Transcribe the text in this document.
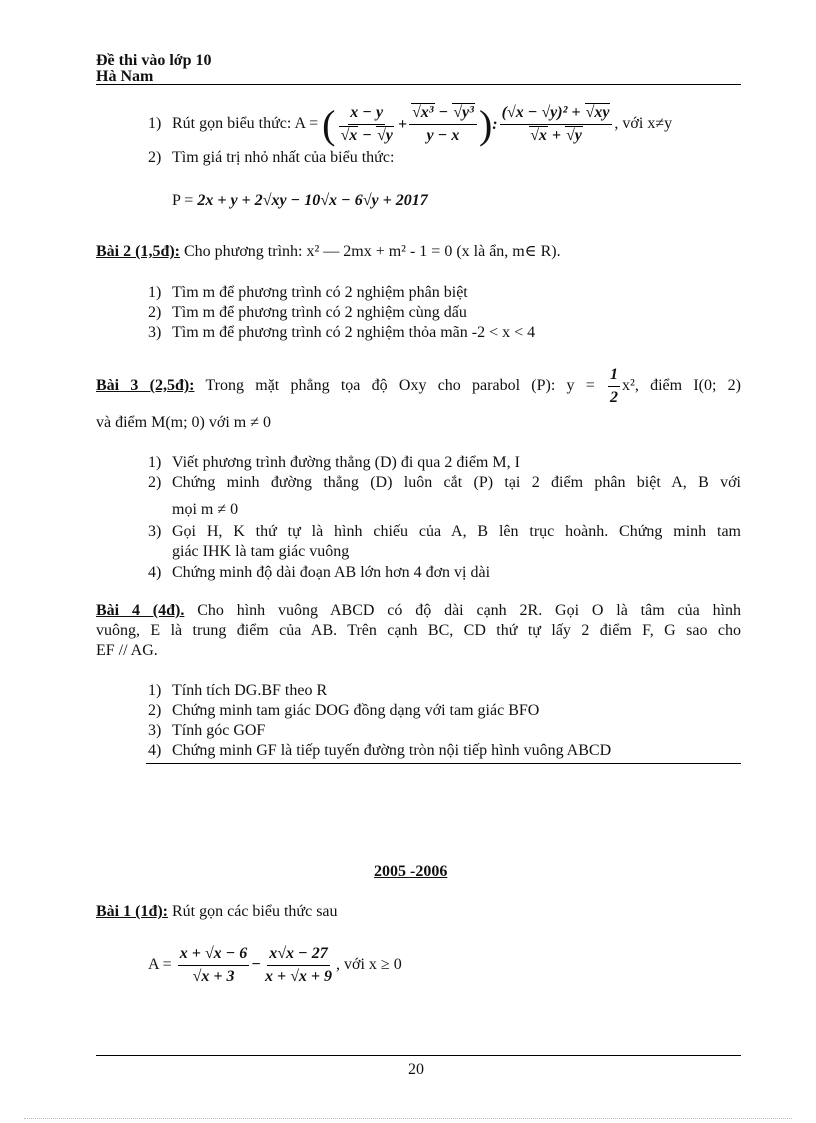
Đề thi vào lớp 10
Hà Nam
1) Rút gọn biểu thức: A = ( $\frac{x - y}{√x - √y} + \frac{\text{√x³ − √y³}}{y - x}$ ) : $\frac{\text{(√x − √y)² + √xy}}{√x + √y}$ , với x≠y
2) Tìm giá trị nhỏ nhất của biểu thức:
P = 2x + y + 2√xy − 10√x − 6√y + 2017
Bài 2 (1,5đ): Cho phương trình: x² — 2mx + m² - 1 = 0 (x là ẩn, m∈ R).
1) Tìm m để phương trình có 2 nghiệm phân biệt
2) Tìm m để phương trình có 2 nghiệm cùng dấu
3) Tìm m để phương trình có 2 nghiệm thỏa mãn -2 < x < 4
Bài 3 (2,5đ): Trong mặt phẳng tọa độ Oxy cho parabol (P): $y = \frac{1}{2} x^2$, điểm I(0; 2)
và điểm M(m; 0) với m ≠ 0
1) Viết phương trình đường thẳng (D) đi qua 2 điểm M, I
2) Chứng minh đường thẳng (D) luôn cắt (P) tại 2 điểm phân biệt A, B với
mọi m ≠ 0
3) Gọi H, K thứ tự là hình chiếu của A, B lên trục hoành. Chứng minh tam
giác IHK là tam giác vuông
4) Chứng minh độ dài đoạn AB lớn hơn 4 đơn vị dài
Bài 4 (4đ). Cho hình vuông ABCD có độ dài cạnh 2R. Gọi O là tâm của hình
vuông, E là trung điểm của AB. Trên cạnh BC, CD thứ tự lấy 2 điểm F, G sao cho
EF // AG.
1) Tính tích DG.BF theo R
2) Chứng minh tam giác DOG đồng dạng với tam giác BFO
3) Tính góc GOF
4) Chứng minh GF là tiếp tuyến đường tròn nội tiếp hình vuông ABCD
2005 -2006
Bài 1 (1đ): Rút gọn các biểu thức sau
$A = \frac{x + √x - 6}{√x + 3} - \frac{x√x - 27}{x + √x + 9}$ , với x ≥ 0
20
